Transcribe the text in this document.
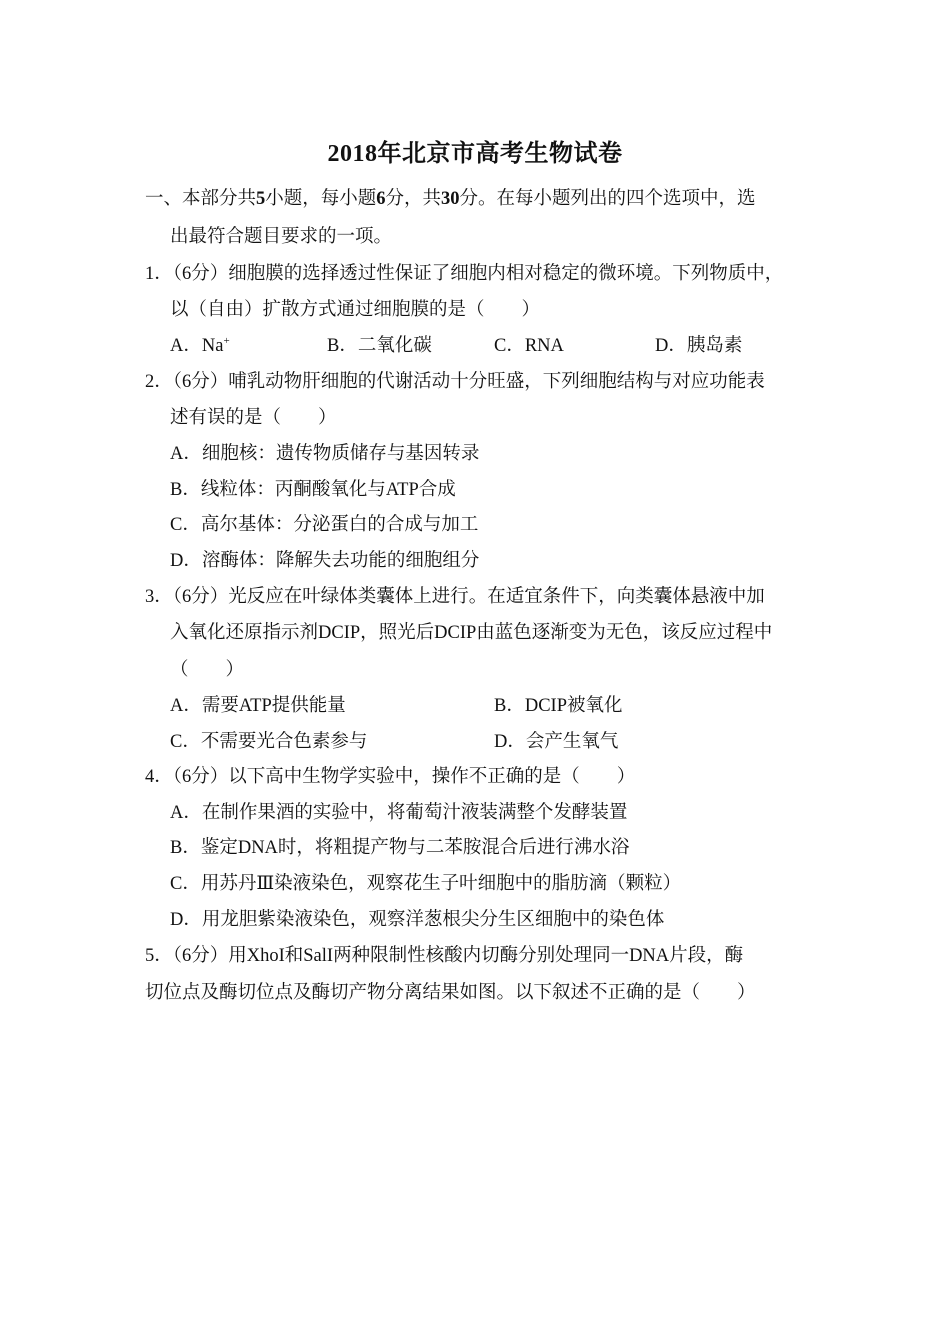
2018年北京市高考生物试卷
一、本部分共5小题，每小题6分，共30分。在每小题列出的四个选项中，选
出最符合题目要求的一项。
1．（6分）细胞膜的选择透过性保证了细胞内相对稳定的微环境。下列物质中，
以（自由）扩散方式通过细胞膜的是（　　）
A．Na+	B．二氧化碳	C．RNA	D．胰岛素
2．（6分）哺乳动物肝细胞的代谢活动十分旺盛，下列细胞结构与对应功能表
述有误的是（　　）
A．细胞核：遗传物质储存与基因转录
B．线粒体：丙酮酸氧化与ATP合成
C．高尔基体：分泌蛋白的合成与加工
D．溶酶体：降解失去功能的细胞组分
3．（6分）光反应在叶绿体类囊体上进行。在适宜条件下，向类囊体悬液中加
入氧化还原指示剂DCIP，照光后DCIP由蓝色逐渐变为无色，该反应过程中
（　　）
A．需要ATP提供能量	B．DCIP被氧化
C．不需要光合色素参与	D．会产生氧气
4．（6分）以下高中生物学实验中，操作不正确的是（　　）
A．在制作果酒的实验中，将葡萄汁液装满整个发酵装置
B．鉴定DNA时，将粗提产物与二苯胺混合后进行沸水浴
C．用苏丹Ⅲ染液染色，观察花生子叶细胞中的脂肪滴（颗粒）
D．用龙胆紫染液染色，观察洋葱根尖分生区细胞中的染色体
5．（6分）用XhoI和SalI两种限制性核酸内切酶分别处理同一DNA片段，酶
切位点及酶切位点及酶切产物分离结果如图。以下叙述不正确的是（　　）
